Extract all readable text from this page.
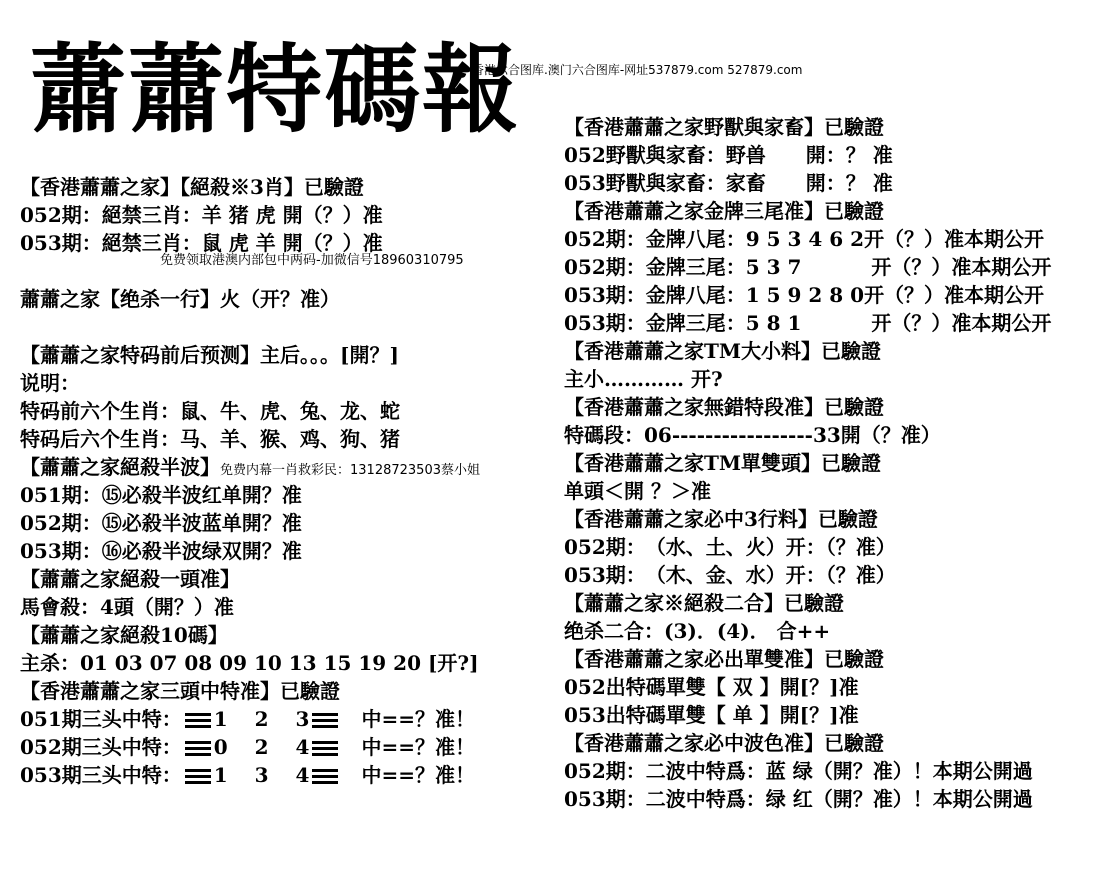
蕭蕭特碼報
香港六合图库.澳门六合图库-网址537879.com 527879.com
【香港蕭蕭之家】【絕殺※3肖】已驗證
052期：絕禁三肖：羊 猪 虎 開（？）准
053期：絕禁三肖：鼠 虎 羊 開（？）准
免费领取港澳内部包中两码-加微信号18960310795
蕭蕭之家【绝杀一行】火（开？准）
【蕭蕭之家特码前后预测】主后。。。[開？]
说明：
特码前六个生肖：鼠、牛、虎、兔、龙、蛇
特码后六个生肖：马、羊、猴、鸡、狗、猪
【蕭蕭之家絕殺半波】免费内幕一肖救彩民：13128723503蔡小姐
051期：⑮必殺半波红单開？准
052期：⑮必殺半波蓝单開？准
053期：⑯必殺半波绿双開？准
【蕭蕭之家絕殺一頭准】
馬會殺：4頭（開？）准
【蕭蕭之家絕殺10碼】
主杀：01 03 07 08 09 10 13 15 19 20 [开?]
【香港蕭蕭之家三頭中特准】已驗證
051期三头中特： 1　 2　 3　	中==？准！
052期三头中特： 0　 2　 4　	中==？准！
053期三头中特： 1　 3　 4　	中==？准！
【香港蕭蕭之家野獸與家畜】已驗證
052野獸與家畜：野兽　　開：？ 准
053野獸與家畜：家畜　　開：？ 准
【香港蕭蕭之家金牌三尾准】已驗證
052期：金牌八尾：9 5 3 4 6 2开（？）准本期公开
052期：金牌三尾：5 3 7	开（？）准本期公开
053期：金牌八尾：1 5 9 2 8 0开（？）准本期公开
053期：金牌三尾：5 8 1	开（？）准本期公开
【香港蕭蕭之家TM大小料】已驗證
主小………… 开?
【香港蕭蕭之家無錯特段准】已驗證
特碼段：06-----------------33開（？准）
【香港蕭蕭之家TM單雙頭】已驗證
单頭＜開 ？＞准
【香港蕭蕭之家必中3行料】已驗證
052期：　（水、土、火）开：（？准）
053期：　（木、金、水）开：（？准）
【蕭蕭之家※絕殺二合】已驗證
绝杀二合：(3)．(4)． 合++
【香港蕭蕭之家必出單雙准】已驗證
052出特碼單雙【 双 】開[？]准
053出特碼單雙【 单 】開[？]准
【香港蕭蕭之家必中波色准】已驗證
052期：二波中特爲：蓝 绿（開？准）！本期公開過
053期：二波中特爲：绿 红（開？准）！本期公開過
